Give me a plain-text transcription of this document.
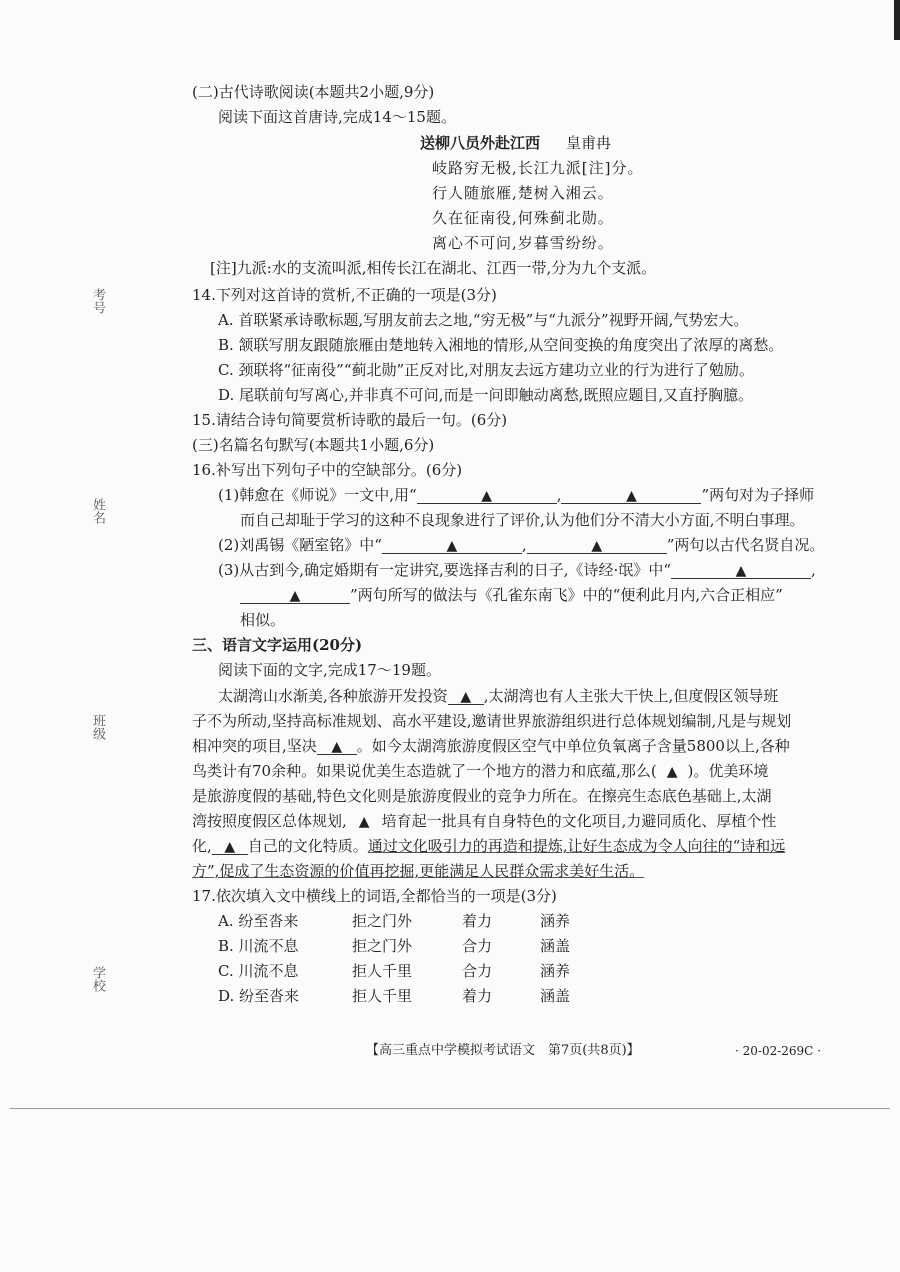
考号
姓名
班级
学校
(二)古代诗歌阅读(本题共2小题,9分)
阅读下面这首唐诗,完成14～15题。
送柳八员外赴江西 皇甫冉
岐路穷无极,长江九派[注]分。
行人随旅雁,楚树入湘云。
久在征南役,何殊蓟北勋。
离心不可问,岁暮雪纷纷。
[注]九派:水的支流叫派,相传长江在湖北、江西一带,分为九个支派。
14.下列对这首诗的赏析,不正确的一项是(3分)
A. 首联紧承诗歌标题,写朋友前去之地,“穷无极”与“九派分”视野开阔,气势宏大。
B. 颔联写朋友跟随旅雁由楚地转入湘地的情形,从空间变换的角度突出了浓厚的离愁。
C. 颈联将“征南役”“蓟北勋”正反对比,对朋友去远方建功立业的行为进行了勉励。
D. 尾联前句写离心,并非真不可问,而是一问即触动离愁,既照应题目,又直抒胸臆。
15.请结合诗句简要赏析诗歌的最后一句。(6分)
(三)名篇名句默写(本题共1小题,6分)
16.补写出下列句子中的空缺部分。(6分)
(1)韩愈在《师说》一文中,用“	▲	,	▲	”两句对为子择师
而自己却耻于学习的这种不良现象进行了评价,认为他们分不清大小方面,不明白事理。
(2)刘禹锡《陋室铭》中“	▲	,	▲	”两句以古代名贤自况。
(3)从古到今,确定婚期有一定讲究,要选择吉利的日子,《诗经·氓》中“	▲	,
▲	”两句所写的做法与《孔雀东南飞》中的“便利此月内,六合正相应”
相似。
三、语言文字运用(20分)
阅读下面的文字,完成17～19题。
太湖湾山水渐美,各种旅游开发投资 ▲ ,太湖湾也有人主张大干快上,但度假区领导班
子不为所动,坚持高标准规划、高水平建设,邀请世界旅游组织进行总体规划编制,凡是与规划
相冲突的项目,坚决 ▲ 。如今太湖湾旅游度假区空气中单位负氧离子含量5800以上,各种
鸟类计有70余种。如果说优美生态造就了一个地方的潜力和底蕴,那么( ▲ )。优美环境
是旅游度假的基础,特色文化则是旅游度假业的竞争力所在。在擦亮生态底色基础上,太湖
湾按照度假区总体规划, ▲ 培育起一批具有自身特色的文化项目,力避同质化、厚植个性
化, ▲ 自己的文化特质。通过文化吸引力的再造和提炼,让好生态成为令人向往的“诗和远
方”,促成了生态资源的价值再挖掘,更能满足人民群众需求美好生活。
17.依次填入文中横线上的词语,全都恰当的一项是(3分)
A. 纷至沓来	拒之门外	着力	涵养
B. 川流不息	拒之门外	合力	涵盖
C. 川流不息	拒人千里	合力	涵养
D. 纷至沓来	拒人千里	着力	涵盖
【高三重点中学模拟考试语文　第7页(共8页)】	· 20-02-269C ·
